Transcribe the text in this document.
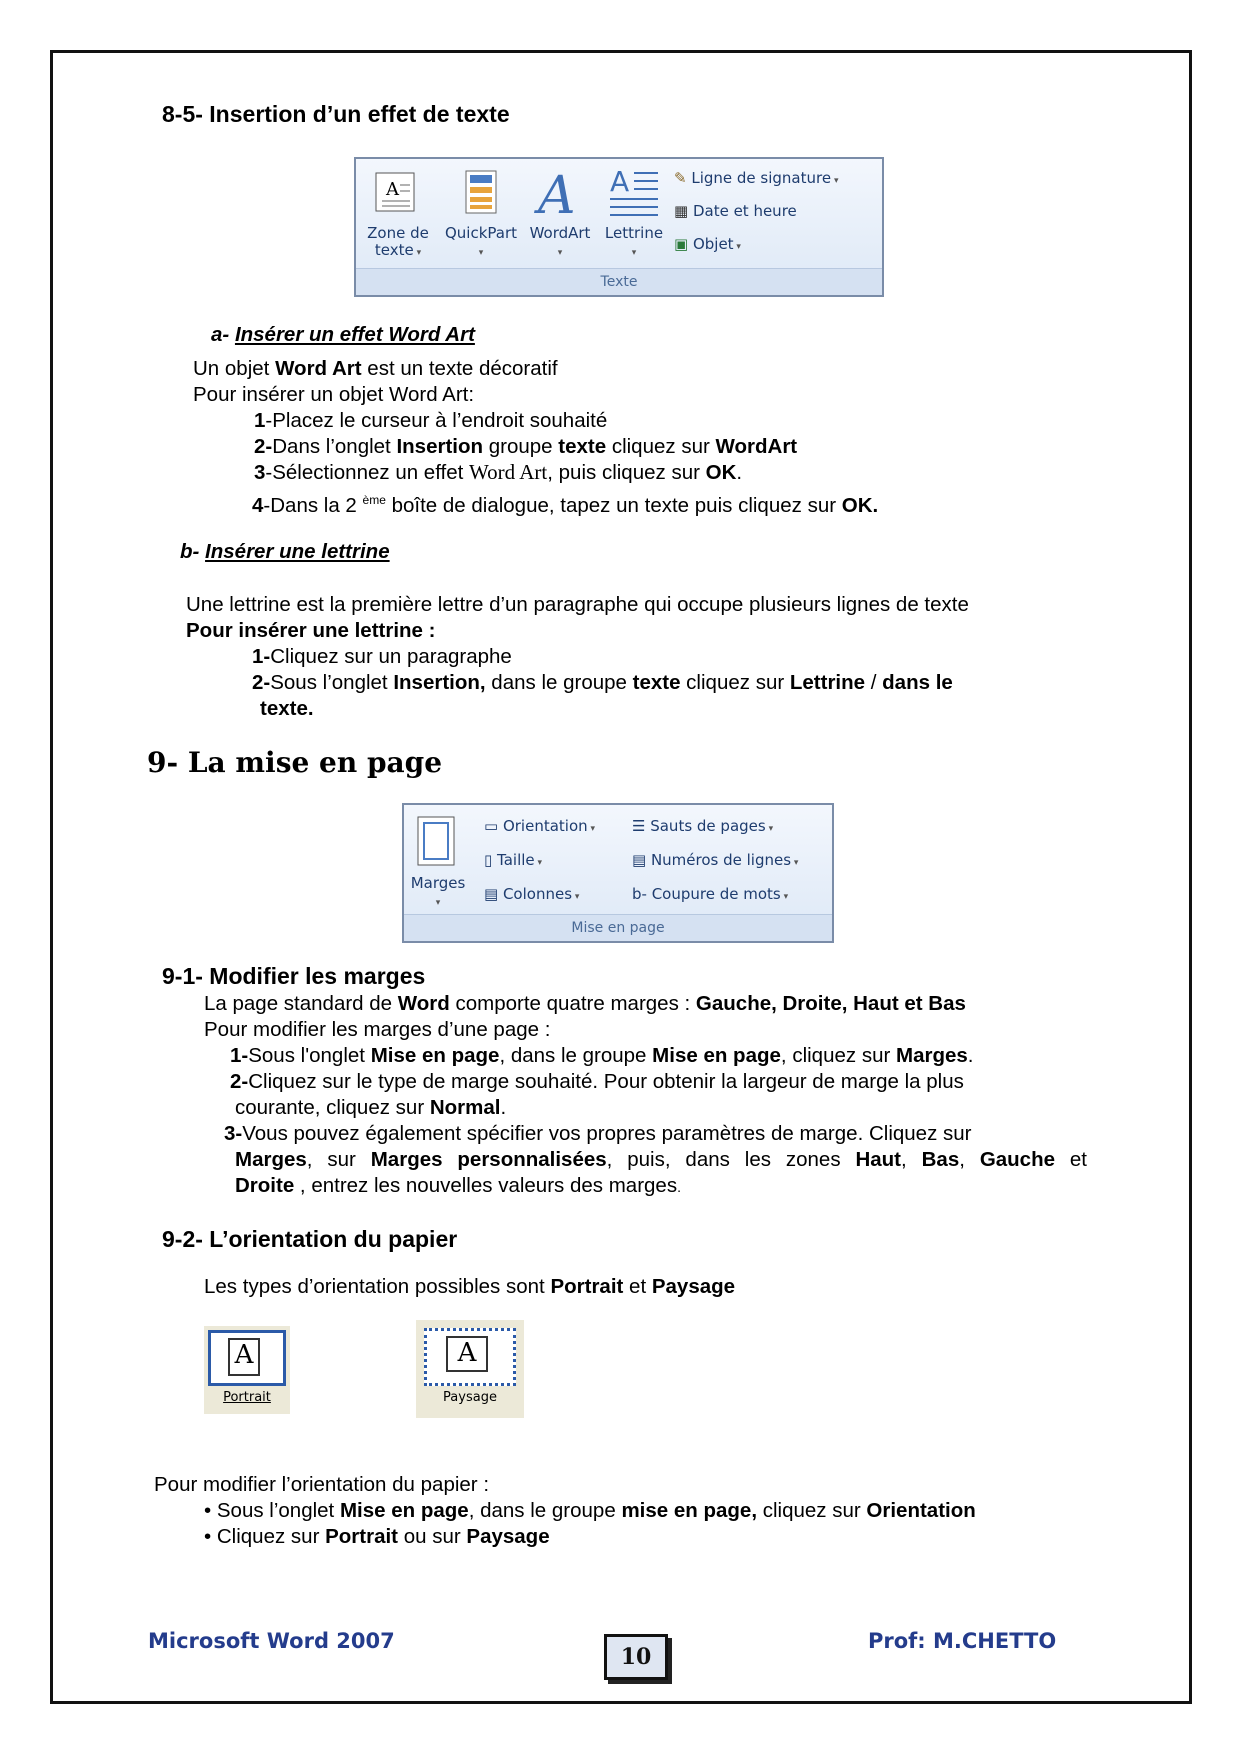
8-5- Insertion d’un effet de texte
A
Zone de
texte ▾
QuickPart
▾
A
WordArt
▾
A
Lettrine
▾
✎ Ligne de signature ▾
▦ Date et heure
▣ Objet ▾
Texte
a- Insérer un effet Word Art
Un objet Word Art est un texte décoratif
Pour insérer un objet Word Art:
1-Placez le curseur à l’endroit souhaité
2-Dans l’onglet Insertion groupe texte cliquez sur WordArt
3-Sélectionnez un effet Word Art, puis cliquez sur OK.
4-Dans la 2 $^{ème}$ boîte de dialogue, tapez un texte puis cliquez sur OK.
b- Insérer une lettrine
Une lettrine est la première lettre d’un paragraphe qui occupe plusieurs lignes de texte
Pour insérer une lettrine :
1-Cliquez sur un paragraphe
2-Sous l’onglet Insertion, dans le groupe texte cliquez sur Lettrine / dans le
texte.
9- La mise en page
Marges
▾
▭ Orientation ▾
▯ Taille ▾
▤ Colonnes ▾
☰ Sauts de pages ▾
▤ Numéros de lignes ▾
b- Coupure de mots ▾
Mise en page
9-1- Modifier les marges
La page standard de Word comporte quatre marges : Gauche, Droite, Haut et Bas
Pour modifier les marges d’une page :
1-Sous l'onglet Mise en page, dans le groupe Mise en page, cliquez sur Marges.
2-Cliquez sur le type de marge souhaité. Pour obtenir la largeur de marge la plus
courante, cliquez sur Normal.
3-Vous pouvez également spécifier vos propres paramètres de marge. Cliquez sur
Marges, sur Marges personnalisées, puis, dans les zones Haut, Bas, Gauche et
Droite , entrez les nouvelles valeurs des marges.
9-2- L’orientation du papier
Les types d’orientation possibles sont Portrait et Paysage
A
Portrait
A
Paysage
Pour modifier l’orientation du papier :
• Sous l’onglet Mise en page, dans le groupe mise en page, cliquez sur Orientation
• Cliquez sur Portrait ou sur Paysage
Microsoft Word 2007
10
Prof: M.CHETTO
